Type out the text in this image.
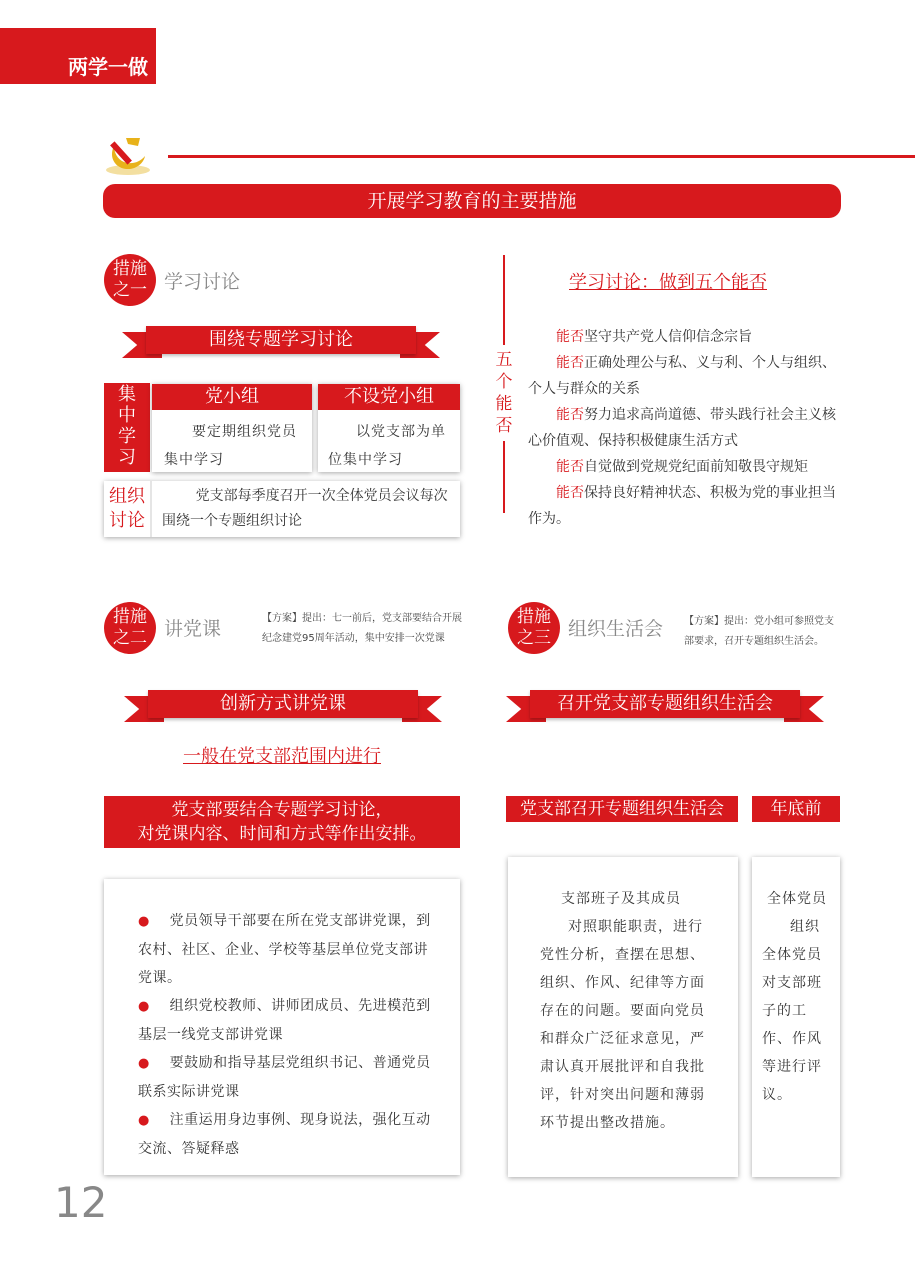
两学一做
开展学习教育的主要措施
措施
之一 学习讨论
围绕专题学习讨论
集
中
学
习
党小组
要定期组织党员集中学习
不设党小组
以党支部为单位集中学习
组织
讨论
党支部每季度召开一次全体党员会议每次围绕一个专题组织讨论
五
个
能
否
学习讨论：做到五个能否
能否坚守共产党人信仰信念宗旨
能否正确处理公与私、义与利、个人与组织、个人与群众的关系
能否努力追求高尚道德、带头践行社会主义核心价值观、保持积极健康生活方式
能否自觉做到党规党纪面前知敬畏守规矩
能否保持良好精神状态、积极为党的事业担当作为。
措施
之二 讲党课	【方案】提出：七一前后，党支部要结合开展纪念建党95周年活动，集中安排一次党课
创新方式讲党课
一般在党支部范围内进行
党支部要结合专题学习讨论，
对党课内容、时间和方式等作出安排。
● 党员领导干部要在所在党支部讲党课，到农村、社区、企业、学校等基层单位党支部讲党课。
● 组织党校教师、讲师团成员、先进模范到基层一线党支部讲党课
● 要鼓励和指导基层党组织书记、普通党员联系实际讲党课
● 注重运用身边事例、现身说法，强化互动交流、答疑释惑
措施
之三 组织生活会 【方案】提出：党小组可参照党支部要求，召开专题组织生活会。
召开党支部专题组织生活会
党支部召开专题组织生活会	年底前
支部班子及其成员
对照职能职责，进行党性分析，查摆在思想、组织、作风、纪律等方面存在的问题。要面向党员和群众广泛征求意见，严肃认真开展批评和自我批评，针对突出问题和薄弱环节提出整改措施。
全体党员
组织全体党员对支部班子的工作、作风等进行评议。
12
